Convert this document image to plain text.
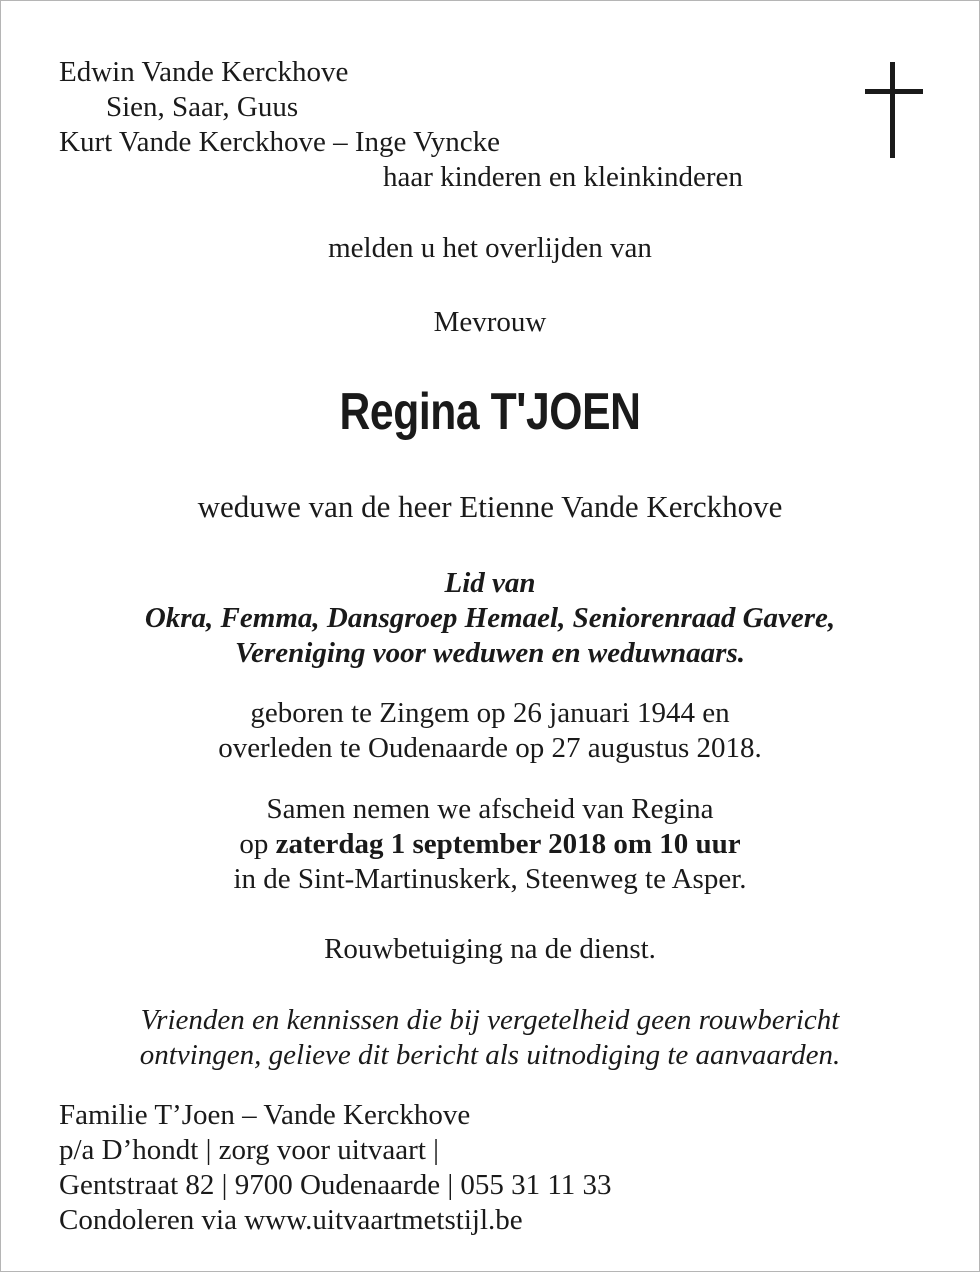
Edwin Vande Kerckhove
Sien, Saar, Guus
Kurt Vande Kerckhove – Inge Vyncke
haar kinderen en kleinkinderen
melden u het overlijden van
Mevrouw
Regina T'JOEN
weduwe van de heer Etienne Vande Kerckhove
Lid van
Okra, Femma, Dansgroep Hemael, Seniorenraad Gavere,
Vereniging voor weduwen en weduwnaars.
geboren te Zingem op 26 januari 1944 en
overleden te Oudenaarde op 27 augustus 2018.
Samen nemen we afscheid van Regina
op zaterdag 1 september 2018 om 10 uur
in de Sint-Martinuskerk, Steenweg te Asper.
Rouwbetuiging na de dienst.
Vrienden en kennissen die bij vergetelheid geen rouwbericht
ontvingen, gelieve dit bericht als uitnodiging te aanvaarden.
Familie T’Joen – Vande Kerckhove
p/a D’hondt | zorg voor uitvaart |
Gentstraat 82 | 9700 Oudenaarde | 055 31 11 33
Condoleren via www.uitvaartmetstijl.be
